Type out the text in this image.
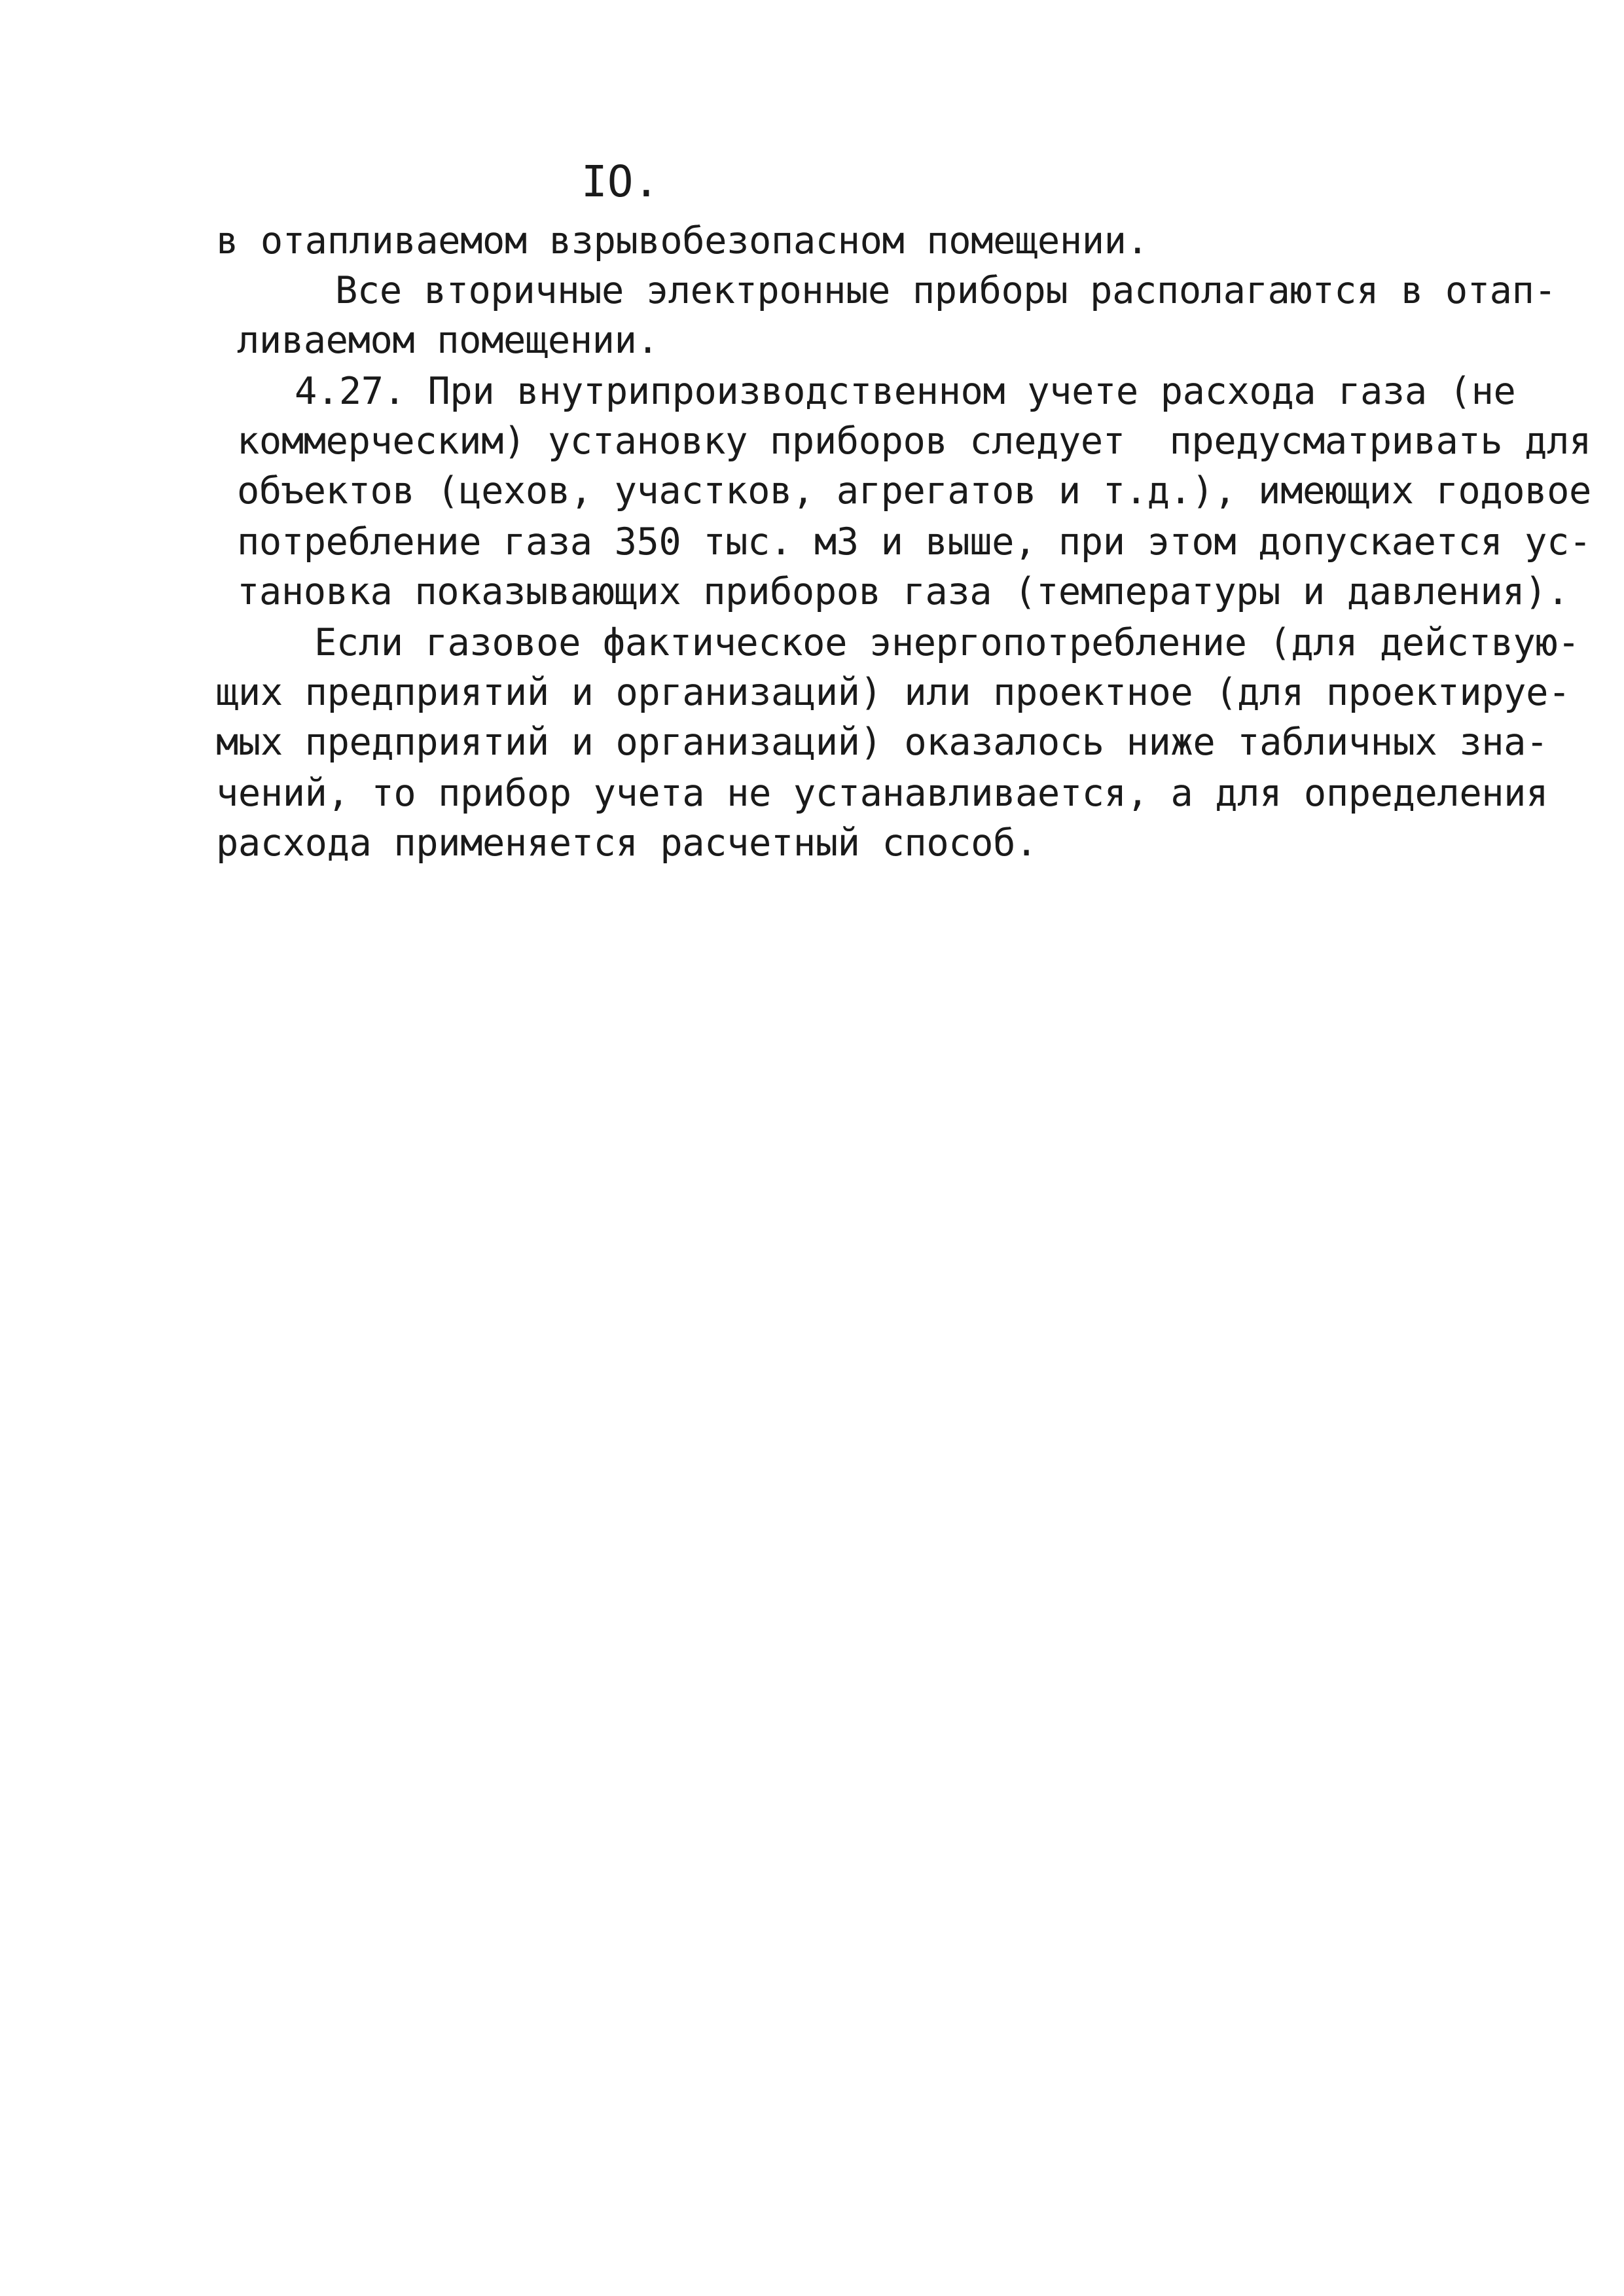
IO.
в отапливаемом взрывобезопасном помещении.
Все вторичные электронные приборы располагаются в отап-
ливаемом помещении.
4.27. При внутрипроизводственном учете расхода газа (не
коммерческим) установку приборов следует  предусматривать для
объектов (цехов, участков, агрегатов и т.д.), имеющих годовое
потребление газа 350 тыс. м3 и выше, при этом допускается ус-
тановка показывающих приборов газа (температуры и давления).
Если газовое фактическое энергопотребление (для действую-
щих предприятий и организаций) или проектное (для проектируе-
мых предприятий и организаций) оказалось ниже табличных зна-
чений, то прибор учета не устанавливается, а для определения
расхода применяется расчетный способ.
